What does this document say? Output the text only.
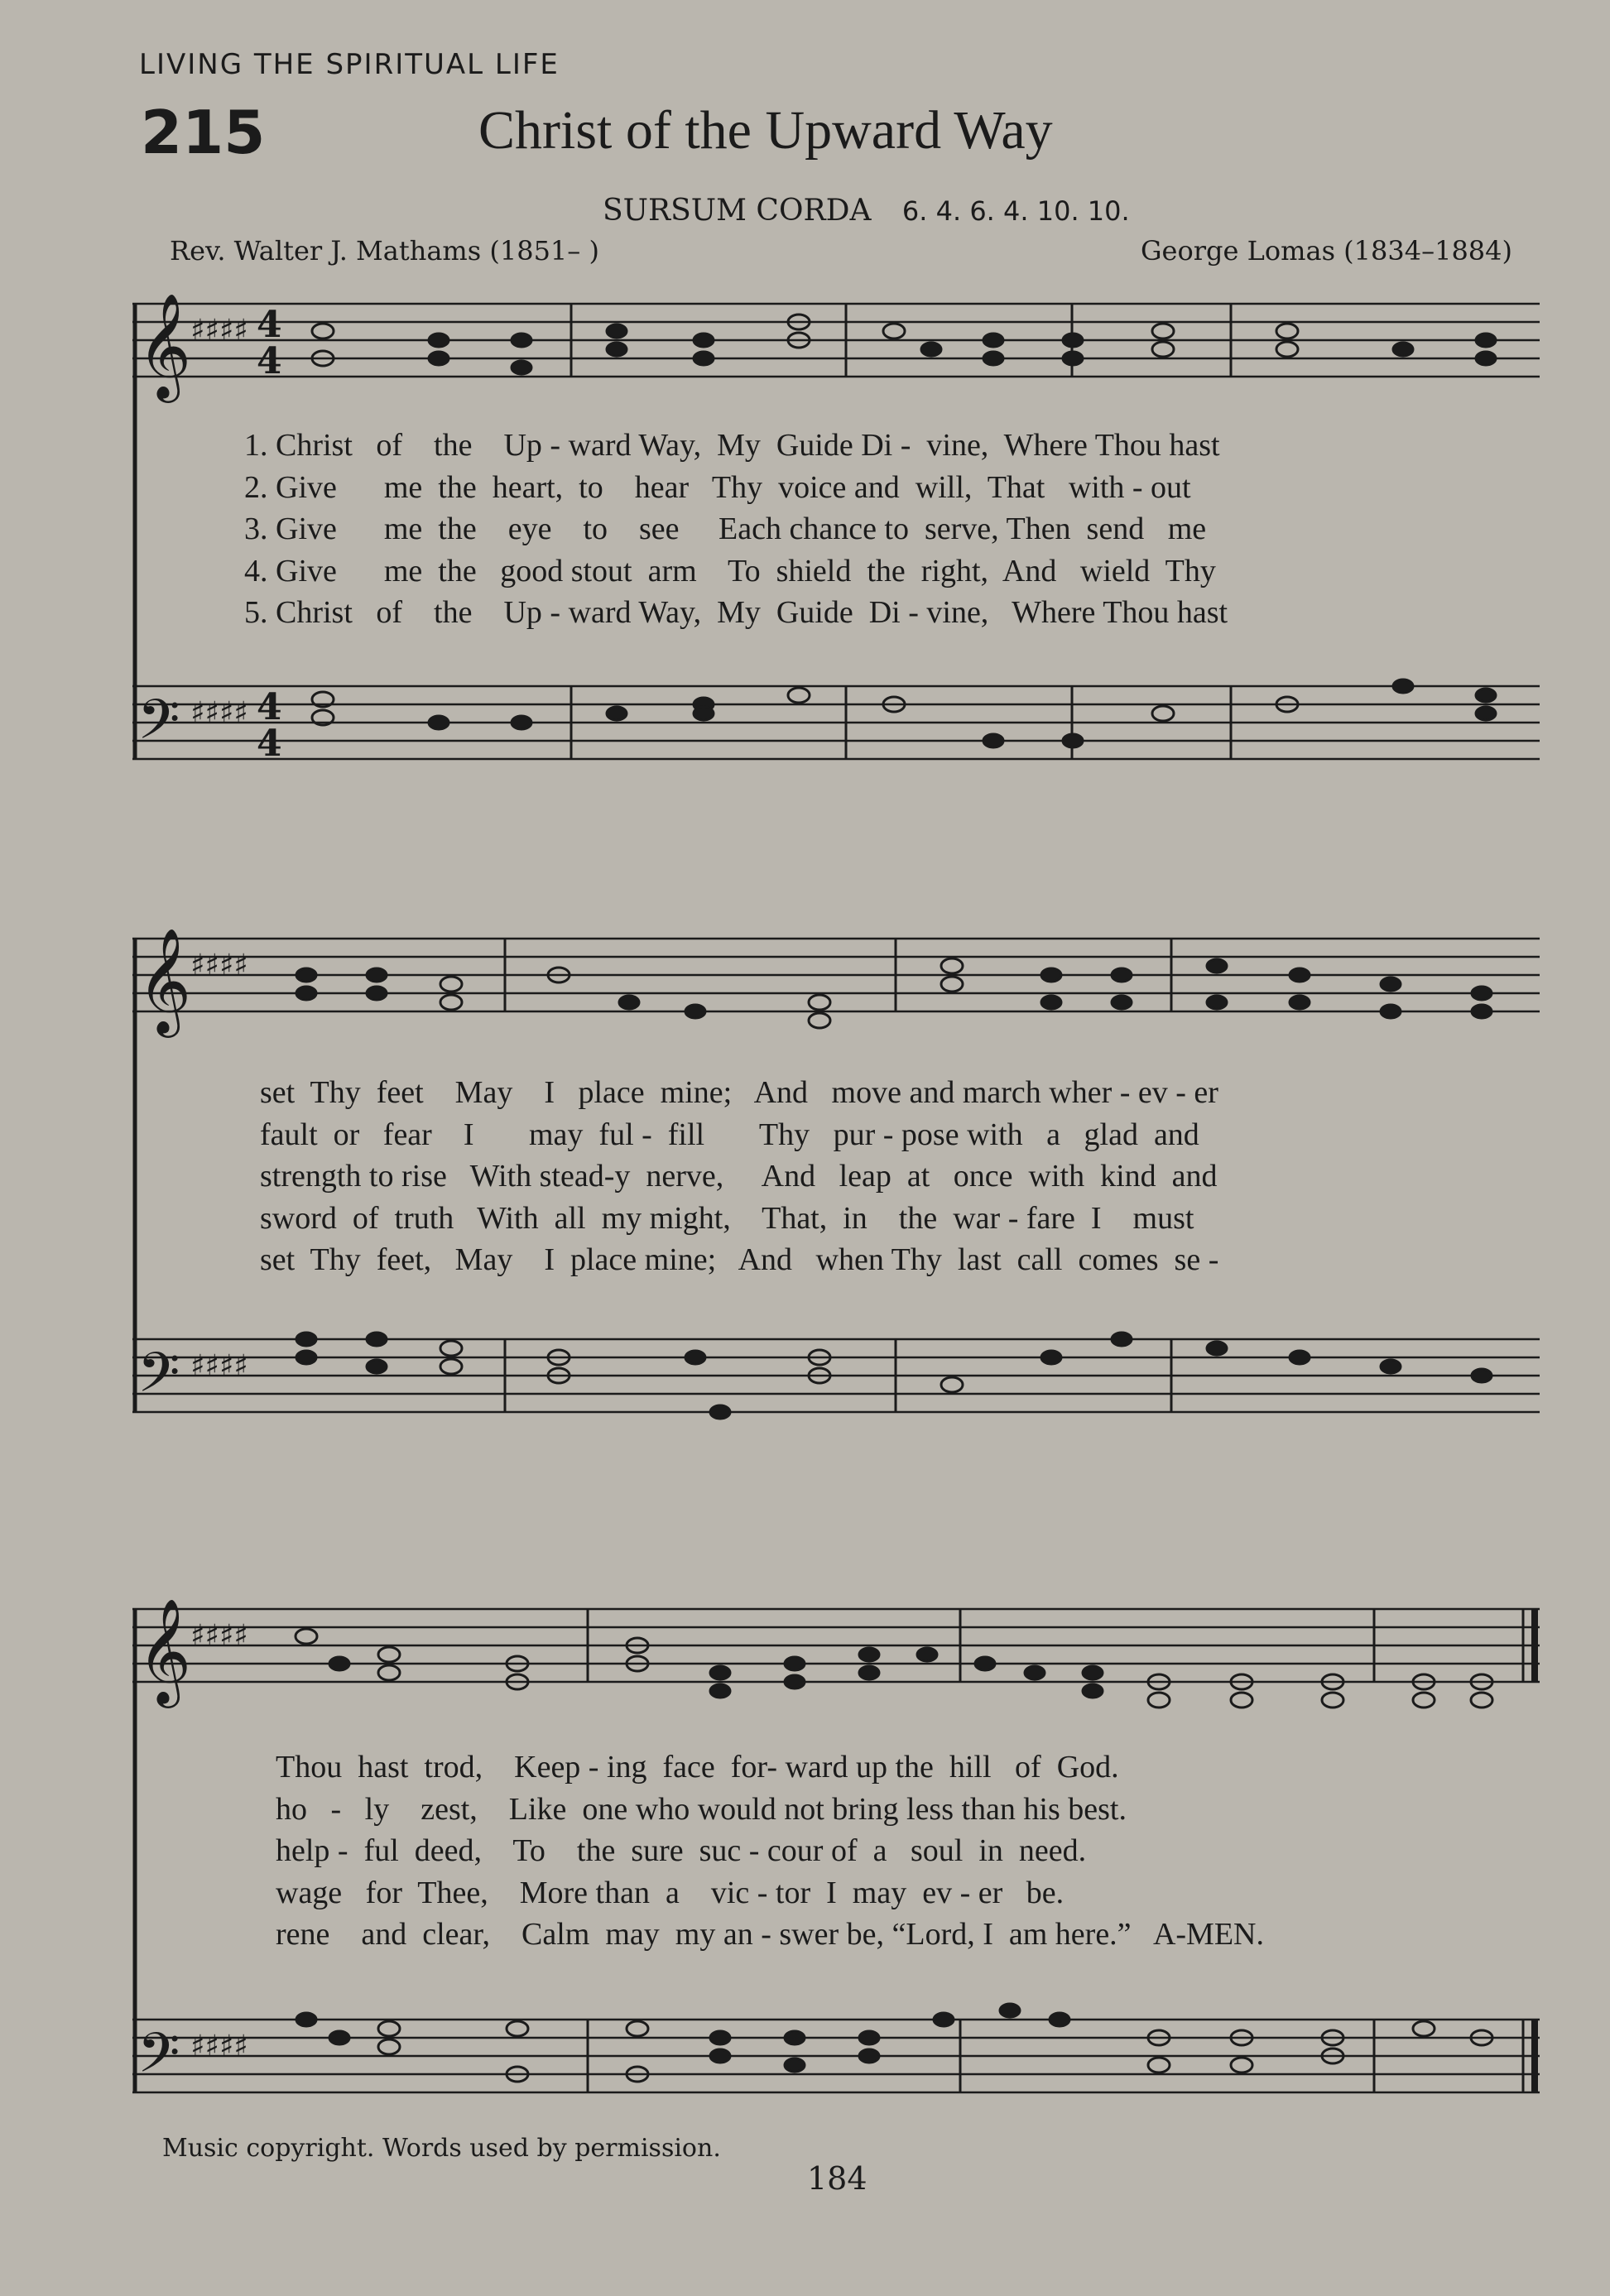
LIVING THE SPIRITUAL LIFE
215	Christ of the Upward Way
SURSUM CORDA 6. 4. 6. 4. 10. 10.
Rev. Walter J. Mathams (1851– )	George Lomas (1834–1884)
𝄞
𝄢
♯♯♯♯
♯♯♯♯
4
4
4
4
1. Christ   of    the    Up - ward Way,  My  Guide Di -  vine,  Where Thou hast
2. Give      me  the  heart,  to    hear   Thy  voice and  will,  That   with - out
3. Give      me  the    eye    to    see     Each chance to  serve, Then  send   me
4. Give      me  the   good stout  arm    To  shield  the  right,  And   wield  Thy
5. Christ   of    the    Up - ward Way,  My  Guide  Di - vine,   Where Thou hast
𝄞
𝄢
♯♯♯♯
♯♯♯♯
set  Thy  feet    May    I   place  mine;   And   move and march wher - ev - er
fault  or   fear    I       may  ful -  fill       Thy   pur - pose with   a   glad  and
strength to rise   With stead-y  nerve,     And   leap  at   once  with  kind  and
sword  of  truth   With  all  my might,    That,  in    the  war - fare  I    must
set  Thy  feet,   May    I  place mine;   And   when Thy  last  call  comes  se -
𝄞
𝄢
♯♯♯♯
♯♯♯♯
Thou  hast  trod,    Keep - ing  face  for- ward up the  hill   of  God.
ho   -   ly    zest,    Like  one who would not bring less than his best.
help -  ful  deed,    To    the  sure  suc - cour of  a   soul  in  need.
wage   for  Thee,    More than  a    vic - tor  I  may  ev - er   be.
rene    and  clear,    Calm  may  my an - swer be, “Lord, I  am here.”   A-MEN.
Music copyright. Words used by permission.
184
